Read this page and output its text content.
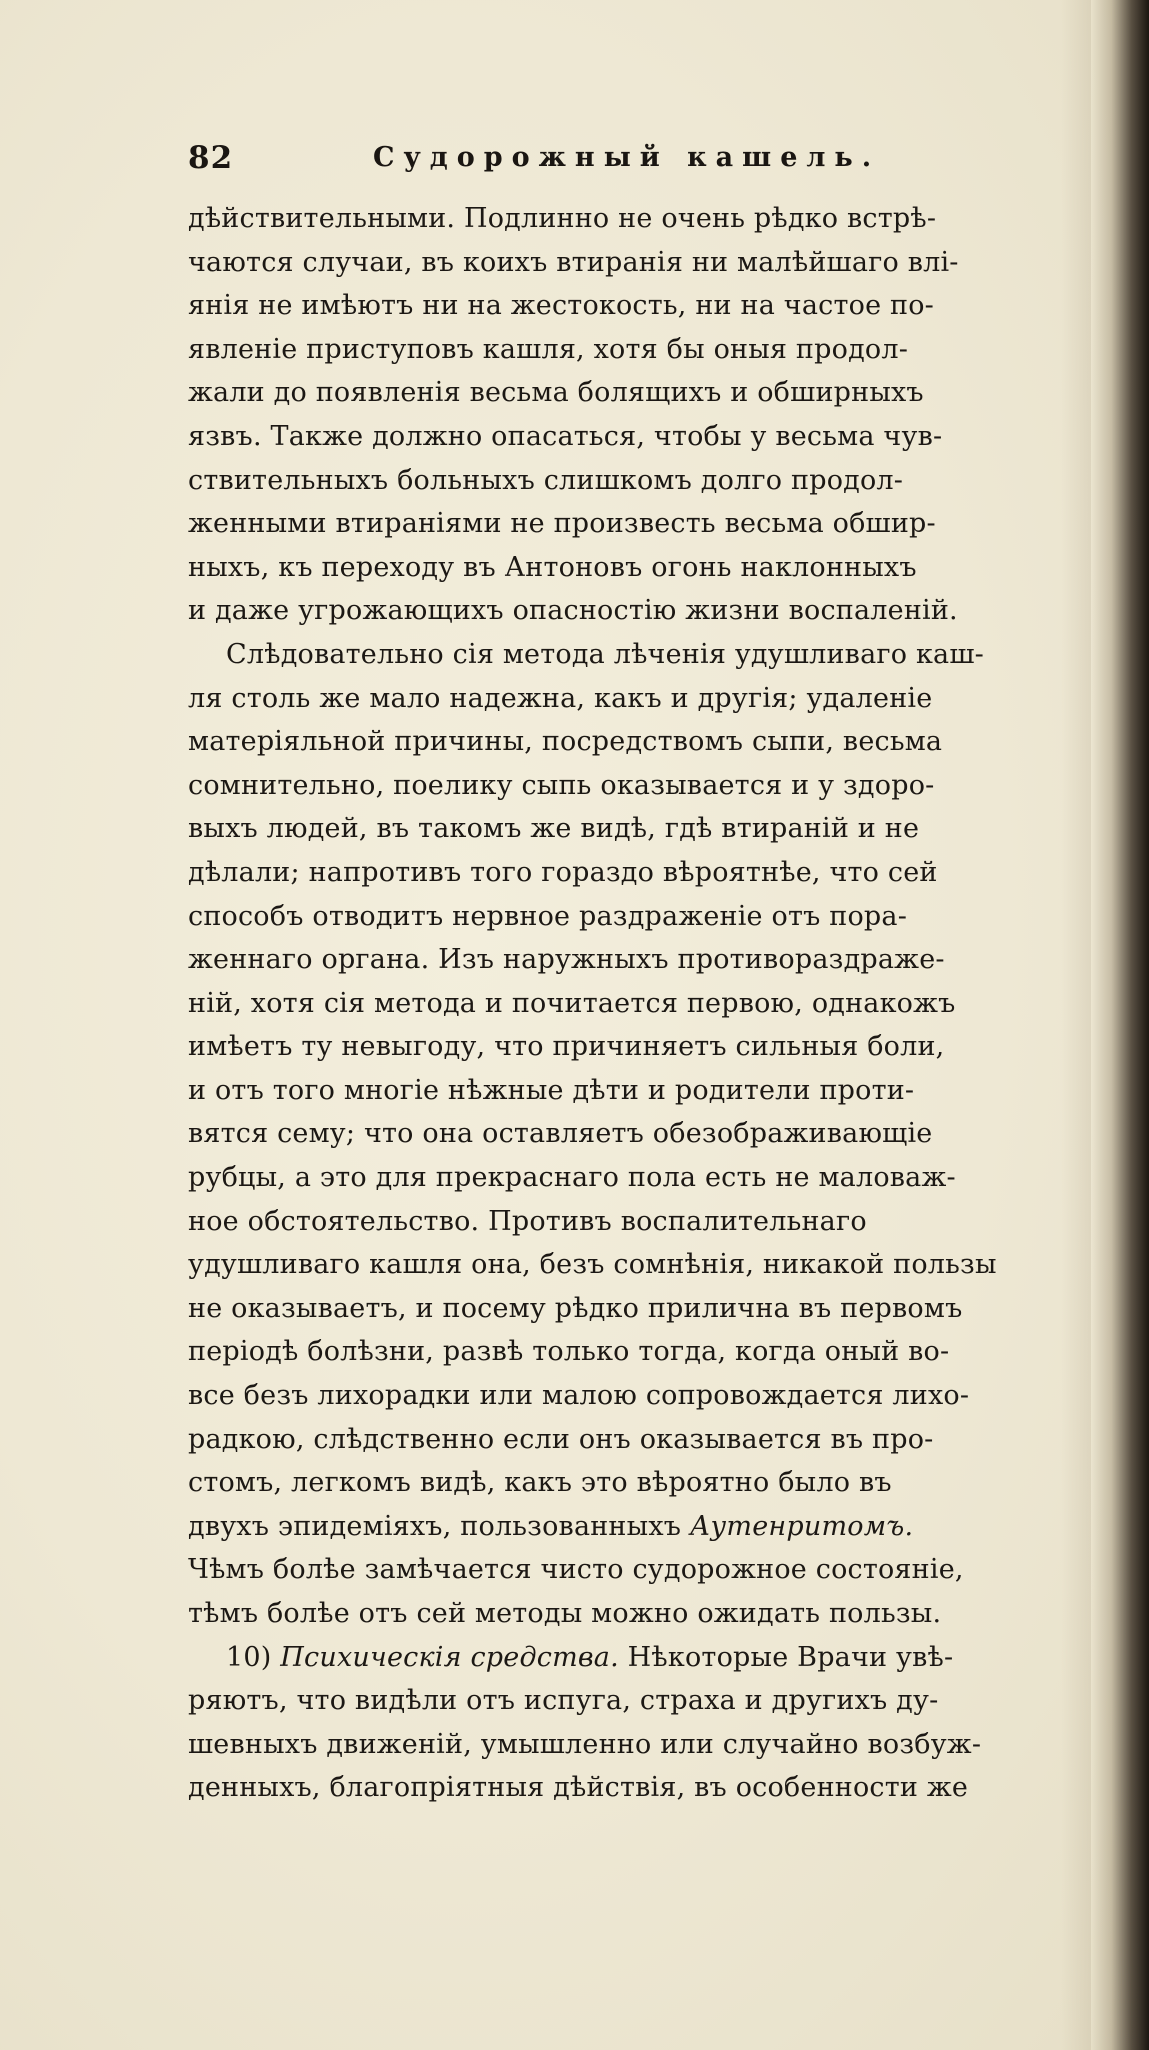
82	Судорожный кашель.
дѣйствительными. Подлинно не очень рѣдко встрѣ-
чаются случаи, въ коихъ втиранія ни малѣйшаго влі-
янія не имѣютъ ни на жестокость, ни на частое по-
явленіе приступовъ кашля, хотя бы оныя продол-
жали до появленія весьма болящихъ и обширныхъ
язвъ. Также должно опасаться, чтобы у весьма чув-
ствительныхъ больныхъ слишкомъ долго продол-
женными втираніями не произвесть весьма обшир-
ныхъ, къ переходу въ Антоновъ огонь наклонныхъ
и даже угрожающихъ опасностію жизни воспаленій.
Слѣдовательно сія метода лѣченія удушливаго каш-
ля столь же мало надежна, какъ и другія; удаленіе
матеріяльной причины, посредствомъ сыпи, весьма
сомнительно, поелику сыпь оказывается и у здоро-
выхъ людей, въ такомъ же видѣ, гдѣ втираній и не
дѣлали; напротивъ того гораздо вѣроятнѣе, что сей
способъ отводитъ нервное раздраженіе отъ пора-
женнаго органа. Изъ наружныхъ противораздраже-
ній, хотя сія метода и почитается первою, однакожъ
имѣетъ ту невыгоду, что причиняетъ сильныя боли,
и отъ того многіе нѣжные дѣти и родители проти-
вятся сему; что она оставляетъ обезображивающіе
рубцы, а это для прекраснаго пола есть не маловаж-
ное обстоятельство. Противъ воспалительнаго
удушливаго кашля она, безъ сомнѣнія, никакой пользы
не оказываетъ, и посему рѣдко прилична въ первомъ
періодѣ болѣзни, развѣ только тогда, когда оный во-
все безъ лихорадки или малою сопровождается лихо-
радкою, слѣдственно если онъ оказывается въ про-
стомъ, легкомъ видѣ, какъ это вѣроятно было въ
двухъ эпидеміяхъ, пользованныхъ Аутенритомъ.
Чѣмъ болѣе замѣчается чисто судорожное состояніе,
тѣмъ болѣе отъ сей методы можно ожидать пользы.
10) Психическія средства. Нѣкоторые Врачи увѣ-
ряютъ, что видѣли отъ испуга, страха и другихъ ду-
шевныхъ движеній, умышленно или случайно возбуж-
денныхъ, благопріятныя дѣйствія, въ особенности же
